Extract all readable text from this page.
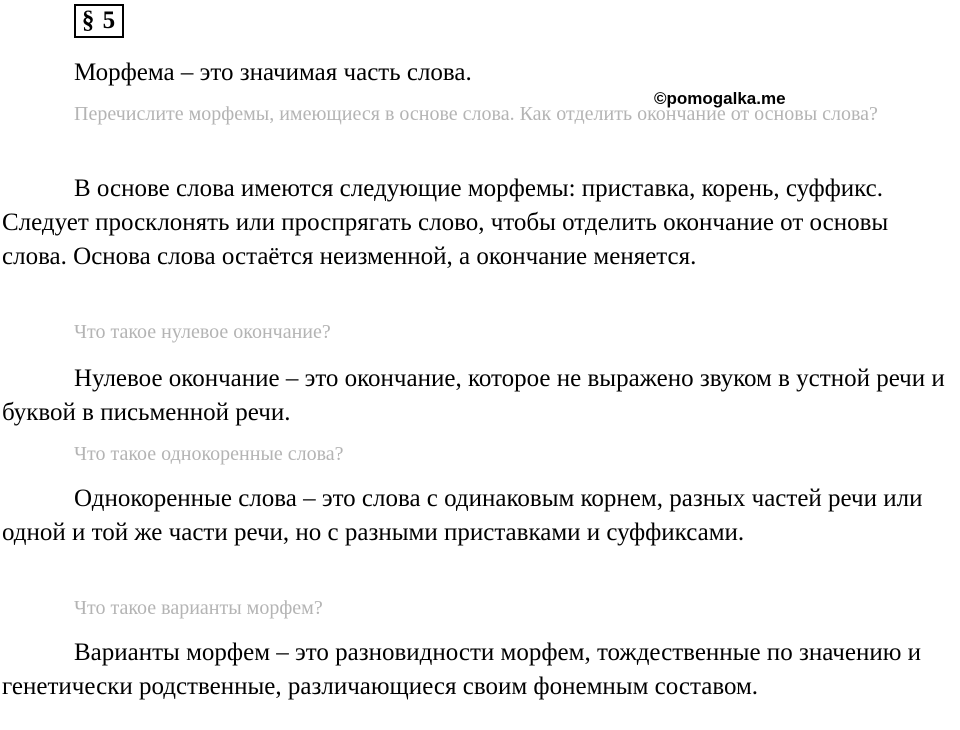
§ 5

Морфема – это значимая часть слова.

Перечислите морфемы, имеющиеся в основе слова. Как отделить окончание от основы слова?

В основе слова имеются следующие морфемы: приставка, корень, суффикс. Следует просклонять или проспрягать слово, чтобы отделить окончание от основы слова. Основа слова остаётся неизменной, а окончание меняется.

Что такое нулевое окончание?

Нулевое окончание – это окончание, которое не выражено звуком в устной речи и буквой в письменной речи.

Что такое однокоренные слова?

Однокоренные слова – это слова с одинаковым корнем, разных частей речи или одной и той же части речи, но с разными приставками и суффиксами.

Что такое варианты морфем?

Варианты морфем – это разновидности морфем, тождественные по значению и генетически родственные, различающиеся своим фонемным составом.

©pomogalka.me
